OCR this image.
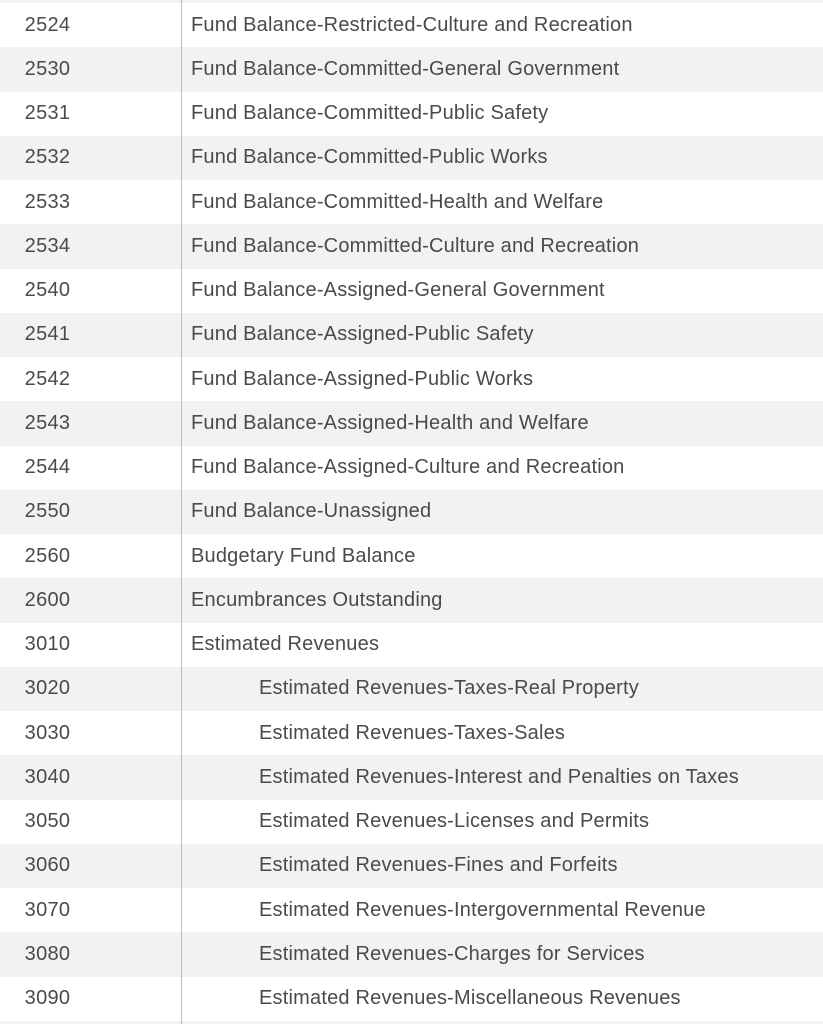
2524	Fund Balance-Restricted-Culture and Recreation
2530	Fund Balance-Committed-General Government
2531	Fund Balance-Committed-Public Safety
2532	Fund Balance-Committed-Public Works
2533	Fund Balance-Committed-Health and Welfare
2534	Fund Balance-Committed-Culture and Recreation
2540	Fund Balance-Assigned-General Government
2541	Fund Balance-Assigned-Public Safety
2542	Fund Balance-Assigned-Public Works
2543	Fund Balance-Assigned-Health and Welfare
2544	Fund Balance-Assigned-Culture and Recreation
2550	Fund Balance-Unassigned
2560	Budgetary Fund Balance
2600	Encumbrances Outstanding
3010	Estimated Revenues
3020	Estimated Revenues-Taxes-Real Property
3030	Estimated Revenues-Taxes-Sales
3040	Estimated Revenues-Interest and Penalties on Taxes
3050	Estimated Revenues-Licenses and Permits
3060	Estimated Revenues-Fines and Forfeits
3070	Estimated Revenues-Intergovernmental Revenue
3080	Estimated Revenues-Charges for Services
3090	Estimated Revenues-Miscellaneous Revenues
